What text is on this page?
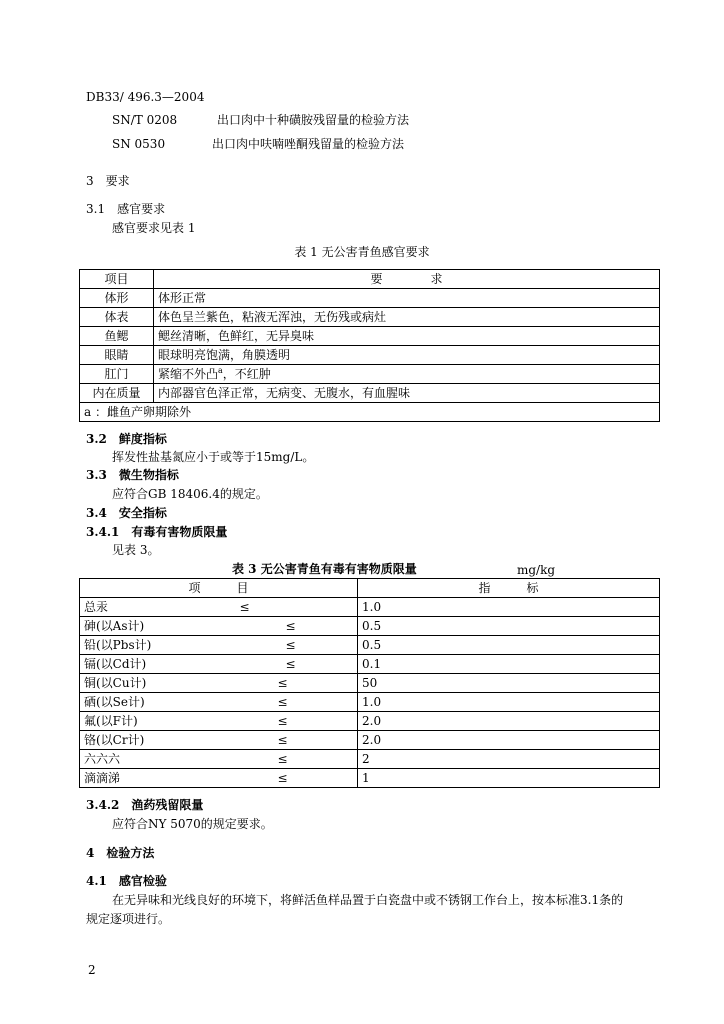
DB33/ 496.3—2004
SN/T 0208	出口肉中十种磺胺残留量的检验方法
SN 0530	出口肉中呋喃唑酮残留量的检验方法
3　要求
3.1　感官要求
感官要求见表 1
表 1 无公害青鱼感官要求
项目	要　　　　求
体形	体形正常
体表	体色呈兰紫色，粘液无浑浊，无伤残或病灶
鱼鳃	鳃丝清晰，色鲜红，无异臭味
眼睛	眼球明亮饱满，角膜透明
肛门	紧缩不外凸$^a$，不红肿
内在质量	内部器官色泽正常，无病变、无腹水，有血腥味
a ：雌鱼产卵期除外	
3.2　鲜度指标
挥发性盐基氮应小于或等于15mg/L。
3.3　微生物指标
应符合GB 18406.4的规定。
3.4　安全指标
3.4.1　有毒有害物质限量
见表 3。
表 3 无公害青鱼有毒有害物质限量	mg/kg
项　　　目		指　　　标
总汞	≤	1.0
砷(以As计)	≤	0.5
铅(以Pbs计)	≤	0.5
镉(以Cd计)	≤	0.1
铜(以Cu计)	≤	50
硒(以Se计)	≤	1.0
氟(以F计)	≤	2.0
铬(以Cr计)	≤	2.0
六六六	≤	2
滴滴涕	≤	1
3.4.2　渔药残留限量
应符合NY 5070的规定要求。
4　检验方法
4.1　感官检验
在无异味和光线良好的环境下，将鲜活鱼样品置于白瓷盘中或不锈钢工作台上，按本标准3.1条的
规定逐项进行。
2
